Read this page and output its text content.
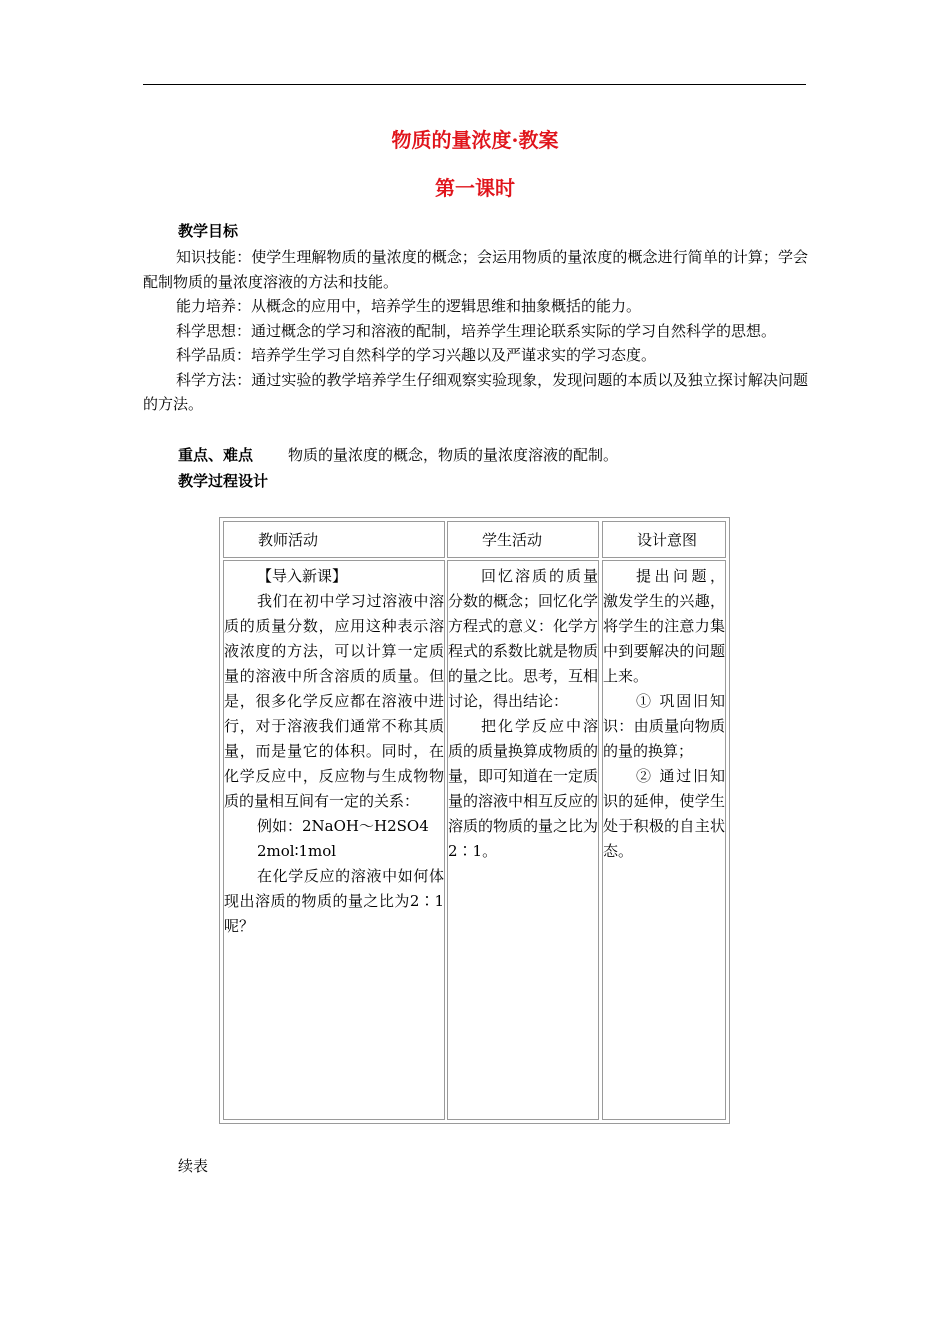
物质的量浓度·教案
第一课时
教学目标

知识技能：使学生理解物质的量浓度的概念；会运用物质的量浓度的概念进行简单的计算；学会配制物质的量浓度溶液的方法和技能。

能力培养：从概念的应用中，培养学生的逻辑思维和抽象概括的能力。

科学思想：通过概念的学习和溶液的配制，培养学生理论联系实际的学习自然科学的思想。

科学品质：培养学生学习自然科学的学习兴趣以及严谨求实的学习态度。

科学方法：通过实验的教学培养学生仔细观察实验现象，发现问题的本质以及独立探讨解决问题的方法。

重点、难点 物质的量浓度的概念，物质的量浓度溶液的配制。
教学过程设计
教师活动	学生活动	设计意图

【导入新课】

我们在初中学习过溶液中溶质的质量分数，应用这种表示溶液浓度的方法，可以计算一定质量的溶液中所含溶质的质量。但是，很多化学反应都在溶液中进行，对于溶液我们通常不称其质量，而是量它的体积。同时，在化学反应中，反应物与生成物物质的量相互间有一定的关系：

例如：2NaOH～H2SO4

2mol∶1mol

在化学反应的溶液中如何体现出溶质的物质的量之比为2∶1呢？

回忆溶质的质量分数的概念；回忆化学方程式的意义：化学方程式的系数比就是物质的量之比。思考，互相讨论，得出结论：

把化学反应中溶质的质量换算成物质的量，即可知道在一定质量的溶液中相互反应的溶质的物质的量之比为2∶1。

提出问题，激发学生的兴趣，将学生的注意力集中到要解决的问题上来。

① 巩固旧知识：由质量向物质的量的换算；

② 通过旧知识的延伸，使学生处于积极的自主状态。

续表
